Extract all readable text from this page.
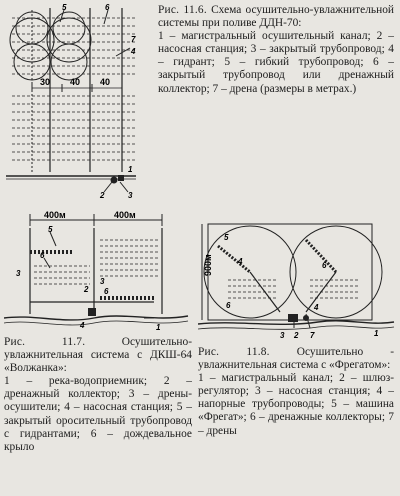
5	6
7
4
1
2	3
30 40 40
Рис. 11.6. Схема осушительно-увлажнительной системы при поливе ДДН-70:
1 – магистральный осушительный канал; 2 – насосная станция; 3 – закрытый трубопровод; 4 – гидрант; 5 – гибкий трубопровод; 6 – закрытый трубопровод или дренажный коллектор; 7 – дрена (размеры в метрах.)
400м	400м
5
6
3
3
6
2
4	1
Рис. 11.7.	Осушительно-увлажнительная система с ДКШ-64 «Волжанка»:
1 – река-водоприемник; 2 – дренажный коллектор; 3 – дрены-осушители; 4 – насосная станция; 5 – закрытый оросительный трубопровод с гидрантами; 6 – дождевальное крыло
900м
5
4
6	4
6
3 2 7	1
Рис. 11.8. Осушительно - увлажнительная система с «Фрегатом»:
1 – магистральный канал; 2 – шлюз-регулятор; 3 – насосная станция; 4 – напорные трубопроводы; 5 – машина «Фрегат»; 6 – дренажные коллекторы; 7 – дрены
